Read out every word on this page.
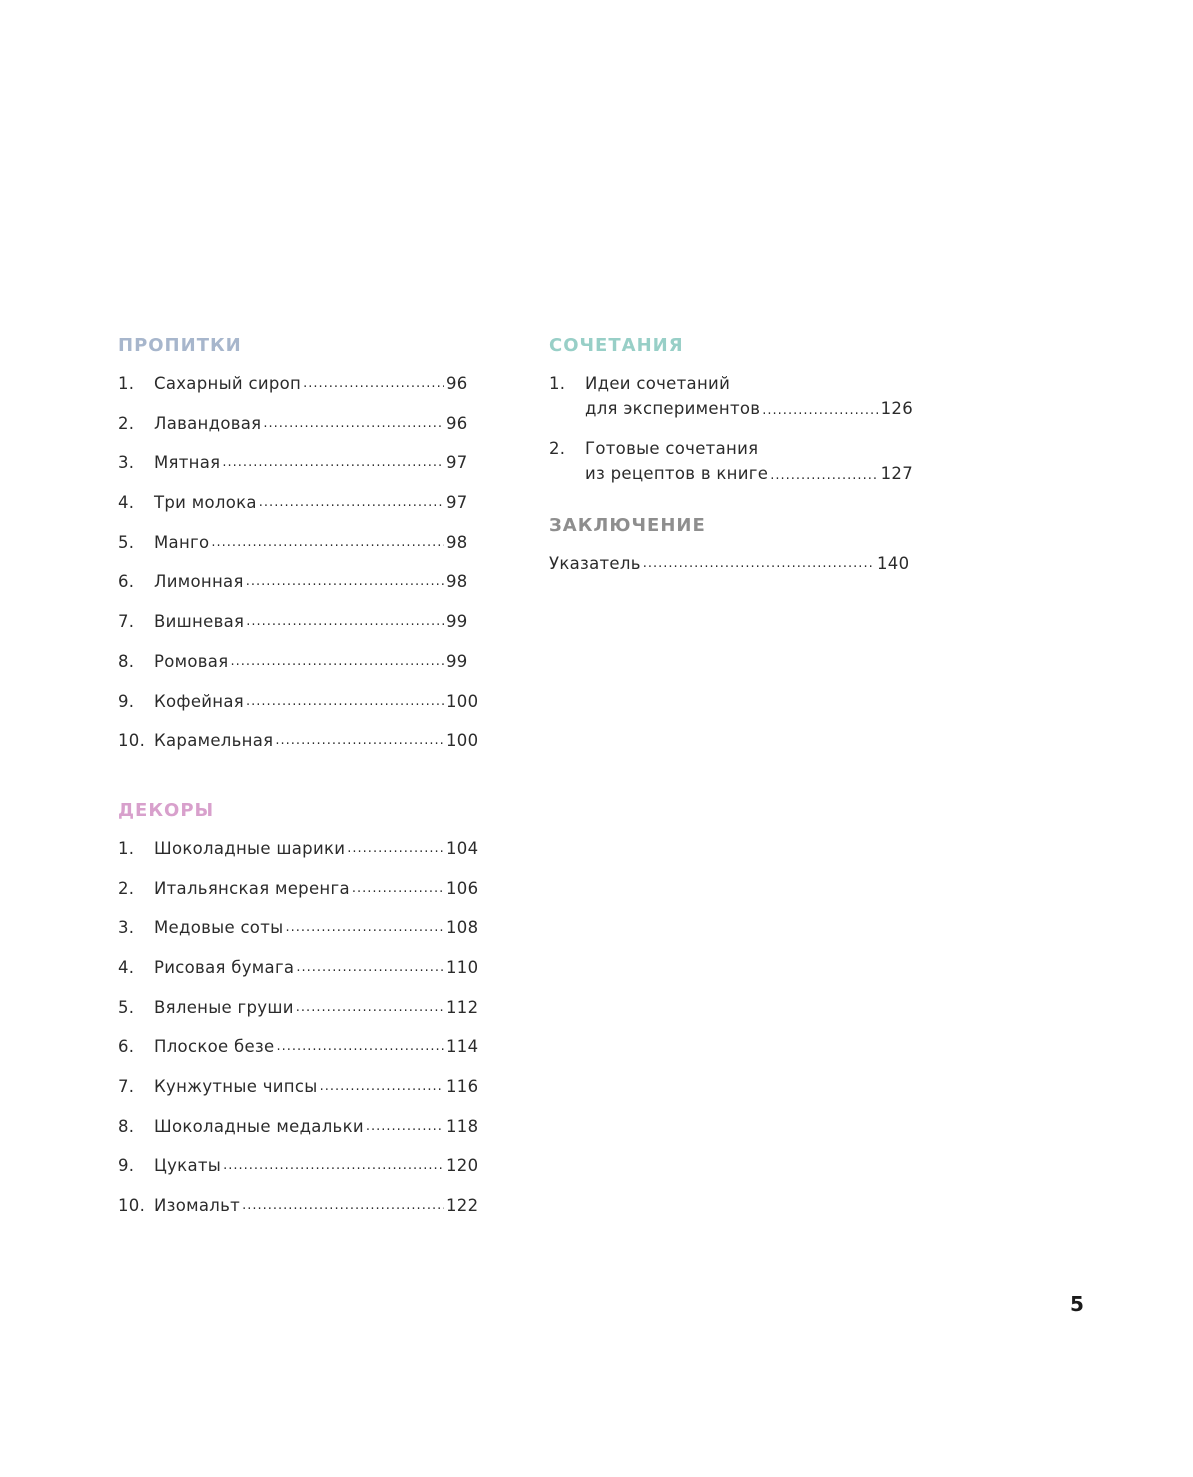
ПРОПИТКИ
1.	Сахарный сироп .....	96
2.	Лавандовая .....	96
3.	Мятная .....	97
4.	Три молока .....	97
5.	Манго .....	98
6.	Лимонная .....	98
7.	Вишневая .....	99
8.	Ромовая .....	99
9.	Кофейная .....	100
10. Карамельная .....	100
ДЕКОРЫ
1.	Шоколадные шарики .....	104
2.	Итальянская меренга .....	106
3.	Медовые соты .....	108
4.	Рисовая бумага .....	110
5.	Вяленые груши .....	112
6.	Плоское безе .....	114
7.	Кунжутные чипсы .....	116
8.	Шоколадные медальки .....	118
9.	Цукаты .....	120
10. Изомальт .....	122
СОЧЕТАНИЯ
1.	Идеи сочетаний
для экспериментов .....	126
2.	Готовые сочетания
из рецептов в книге .....	127
ЗАКЛЮЧЕНИЕ
Указатель .....	140
5
